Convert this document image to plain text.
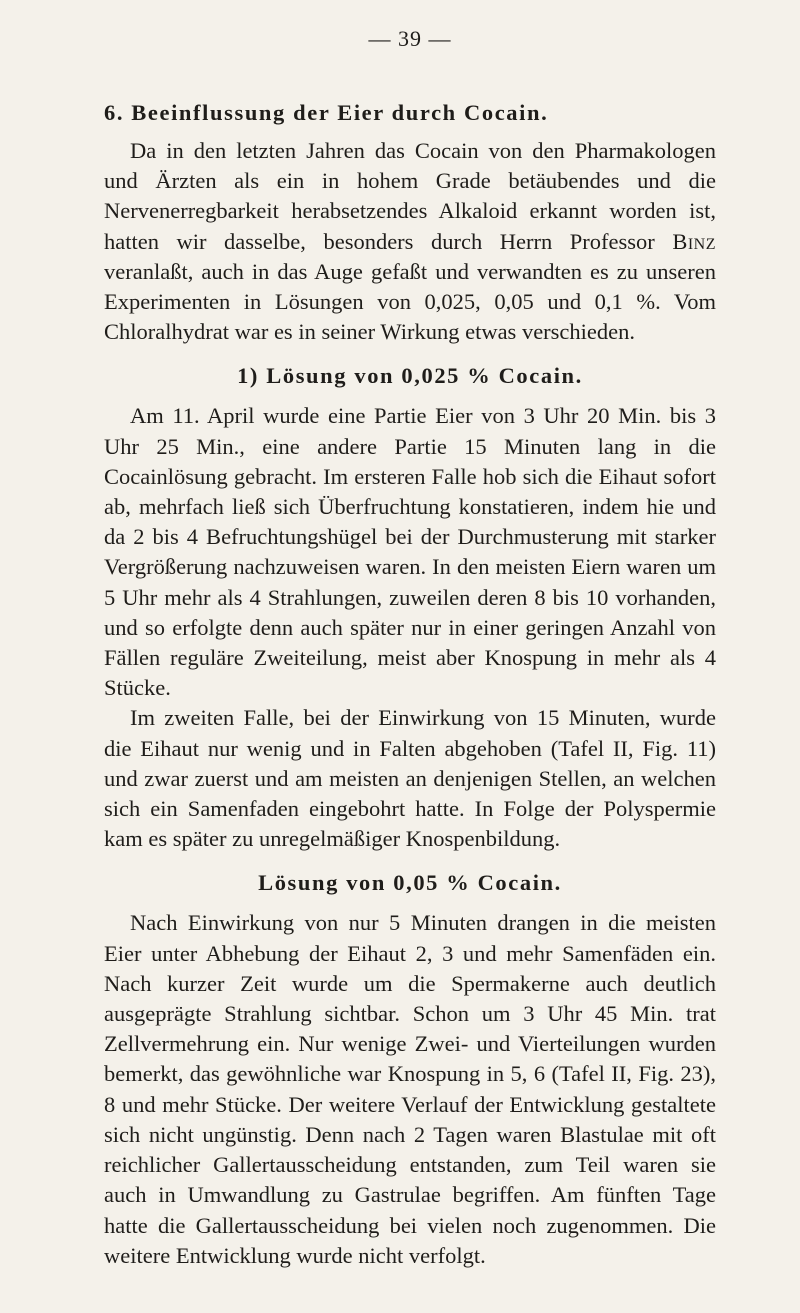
— 39 —
6. Beeinflussung der Eier durch Cocain.

Da in den letzten Jahren das Cocain von den Pharmakologen und Ärzten als ein in hohem Grade betäubendes und die Nervenerregbarkeit herabsetzendes Alkaloid erkannt worden ist, hatten wir dasselbe, besonders durch Herrn Professor Binz veranlaßt, auch in das Auge gefaßt und verwandten es zu unseren Experimenten in Lösungen von 0,025, 0,05 und 0,1 %. Vom Chloralhydrat war es in seiner Wirkung etwas verschieden.

1) Lösung von 0,025 % Cocain.

Am 11. April wurde eine Partie Eier von 3 Uhr 20 Min. bis 3 Uhr 25 Min., eine andere Partie 15 Minuten lang in die Cocainlösung gebracht. Im ersteren Falle hob sich die Eihaut sofort ab, mehrfach ließ sich Überfruchtung konstatieren, indem hie und da 2 bis 4 Befruchtungshügel bei der Durchmusterung mit starker Vergrößerung nachzuweisen waren. In den meisten Eiern waren um 5 Uhr mehr als 4 Strahlungen, zuweilen deren 8 bis 10 vorhanden, und so erfolgte denn auch später nur in einer geringen Anzahl von Fällen reguläre Zweiteilung, meist aber Knospung in mehr als 4 Stücke.

Im zweiten Falle, bei der Einwirkung von 15 Minuten, wurde die Eihaut nur wenig und in Falten abgehoben (Tafel II, Fig. 11) und zwar zuerst und am meisten an denjenigen Stellen, an welchen sich ein Samenfaden eingebohrt hatte. In Folge der Polyspermie kam es später zu unregelmäßiger Knospenbildung.

Lösung von 0,05 % Cocain.

Nach Einwirkung von nur 5 Minuten drangen in die meisten Eier unter Abhebung der Eihaut 2, 3 und mehr Samenfäden ein. Nach kurzer Zeit wurde um die Spermakerne auch deutlich ausgeprägte Strahlung sichtbar. Schon um 3 Uhr 45 Min. trat Zellvermehrung ein. Nur wenige Zwei- und Vierteilungen wurden bemerkt, das gewöhnliche war Knospung in 5, 6 (Tafel II, Fig. 23), 8 und mehr Stücke. Der weitere Verlauf der Entwicklung gestaltete sich nicht ungünstig. Denn nach 2 Tagen waren Blastulae mit oft reichlicher Gallertausscheidung entstanden, zum Teil waren sie auch in Umwandlung zu Gastrulae begriffen. Am fünften Tage hatte die Gallertausscheidung bei vielen noch zugenommen. Die weitere Entwicklung wurde nicht verfolgt.
